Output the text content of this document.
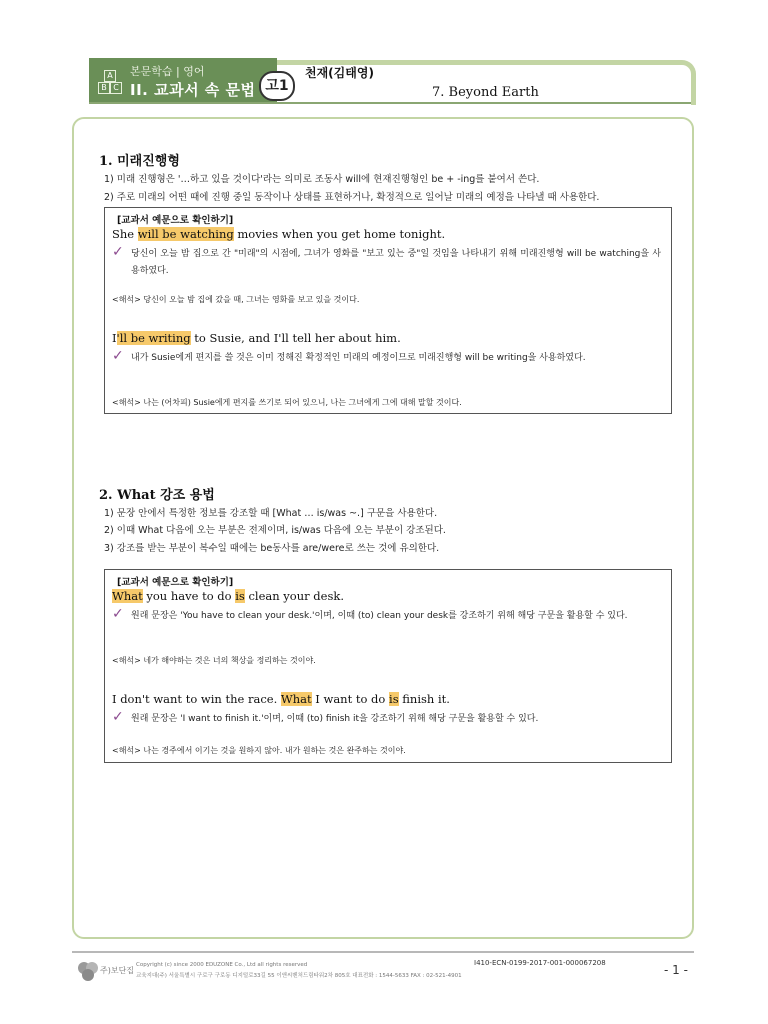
A
B C
본문학습 | 영어
II. 교과서 속 문법 고1
천재(김태영)
7. Beyond Earth
1. 미래진행형
1) 미래 진행형은 '…하고 있을 것이다'라는 의미로 조동사 will에 현재진행형인 be + -ing를 붙여서 쓴다.
2) 주로 미래의 어떤 때에 진행 중일 동작이나 상태를 표현하거나, 확정적으로 일어날 미래의 예정을 나타낼 때 사용한다.
[교과서 예문으로 확인하기]
She will be watching movies when you get home tonight.
✓ 당신이 오늘 밤 집으로 간 "미래"의 시점에, 그녀가 영화를 "보고 있는 중"일 것임을 나타내기 위해 미래진행형 will be watching을 사용하였다.
<해석> 당신이 오늘 밤 집에 갔을 때, 그녀는 영화를 보고 있을 것이다.
I'll be writing to Susie, and I'll tell her about him.
✓ 내가 Susie에게 편지를 쓸 것은 이미 정해진 확정적인 미래의 예정이므로 미래진행형 will be writing을 사용하였다.
<해석> 나는 (어차피) Susie에게 편지를 쓰기로 되어 있으니, 나는 그녀에게 그에 대해 말할 것이다.
2. What 강조 용법
1) 문장 안에서 특정한 정보를 강조할 때 [What … is/was ~.] 구문을 사용한다.
2) 이때 What 다음에 오는 부분은 전제이며, is/was 다음에 오는 부분이 강조된다.
3) 강조를 받는 부분이 복수일 때에는 be동사를 are/were로 쓰는 것에 유의한다.
[교과서 예문으로 확인하기]
What you have to do is clean your desk.
✓ 원래 문장은 'You have to clean your desk.'이며, 이때 (to) clean your desk를 강조하기 위해 해당 구문을 활용할 수 있다.
<해석> 네가 해야하는 것은 너의 책상을 정리하는 것이야.
I don't want to win the race. What I want to do is finish it.
✓ 원래 문장은 'I want to finish it.'이며, 이때 (to) finish it을 강조하기 위해 해당 구문을 활용할 수 있다.
<해석> 나는 경주에서 이기는 것을 원하지 않아. 내가 원하는 것은 완주하는 것이야.
주)보단집
Copyright (c) since 2000 EDUZONE Co., Ltd all rights reserved
교육지대(주) 서울특별시 구로구 구로동 디지털로33길 55 이앤씨벤처드림타워2차 805호 대표전화 : 1544-5633 FAX : 02-521-4901
I410-ECN-0199-2017-001-000067208	- 1 -
